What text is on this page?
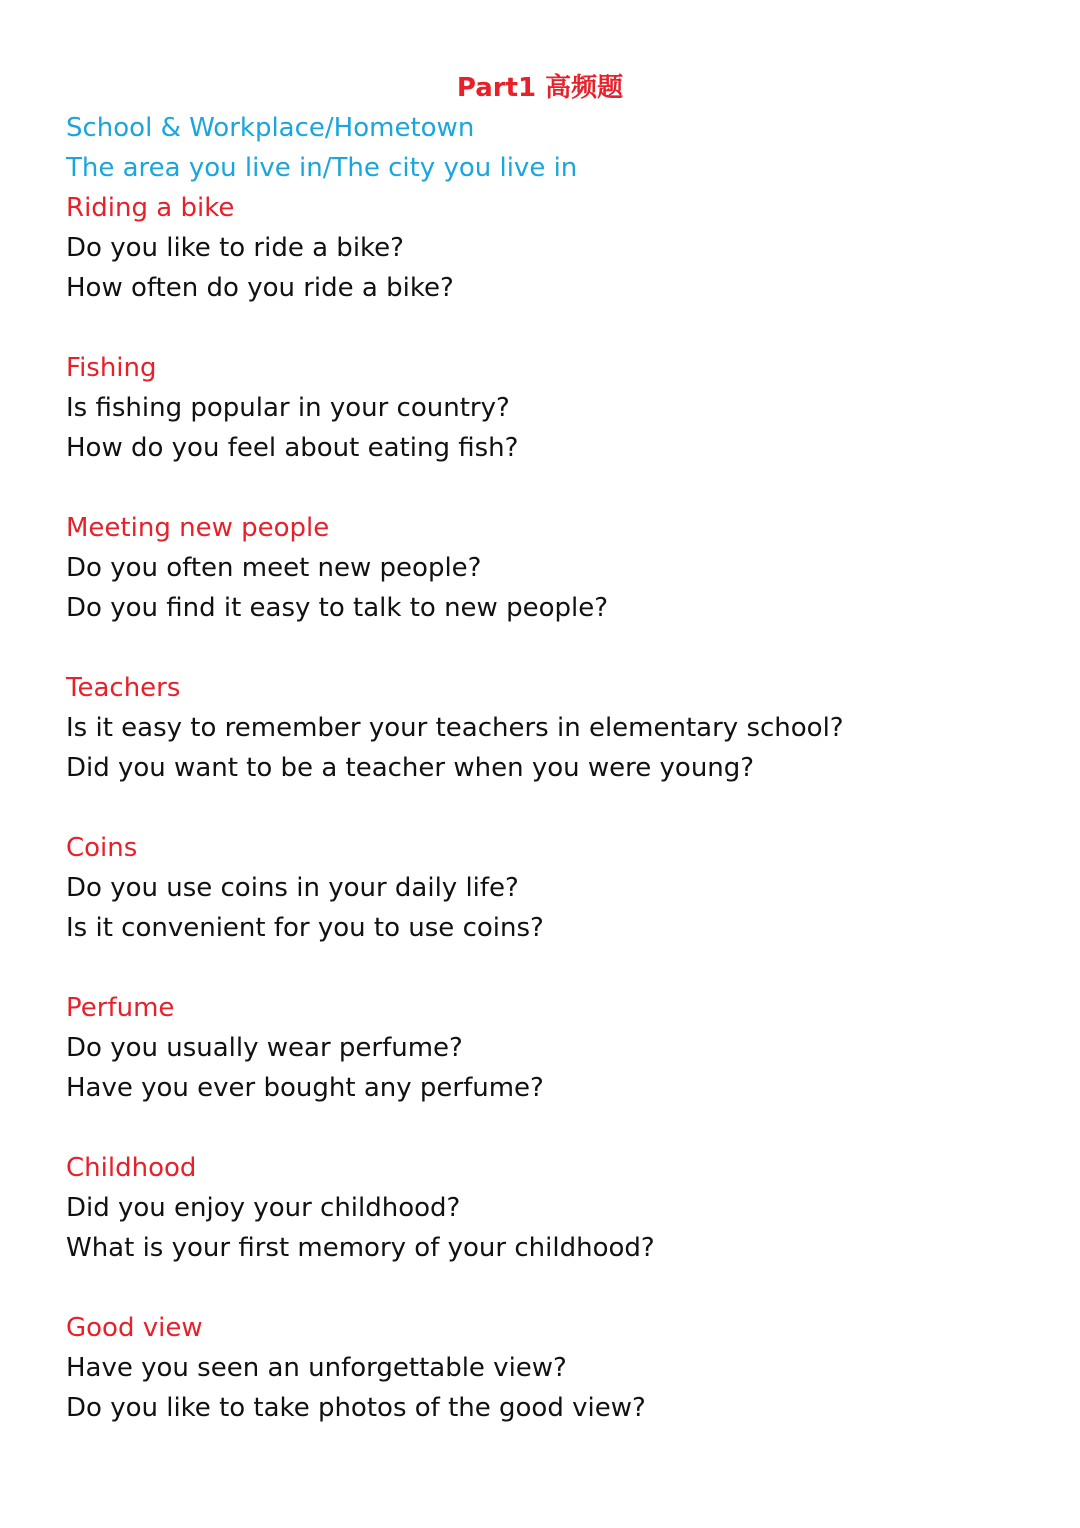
Part1 高频题
School & Workplace/Hometown
The area you live in/The city you live in
Riding a bike
Do you like to ride a bike?
How often do you ride a bike?
Fishing
Is fishing popular in your country?
How do you feel about eating fish?
Meeting new people
Do you often meet new people?
Do you find it easy to talk to new people?
Teachers
Is it easy to remember your teachers in elementary school?
Did you want to be a teacher when you were young?
Coins
Do you use coins in your daily life?
Is it convenient for you to use coins?
Perfume
Do you usually wear perfume?
Have you ever bought any perfume?
Childhood
Did you enjoy your childhood?
What is your first memory of your childhood?
Good view
Have you seen an unforgettable view?
Do you like to take photos of the good view?
